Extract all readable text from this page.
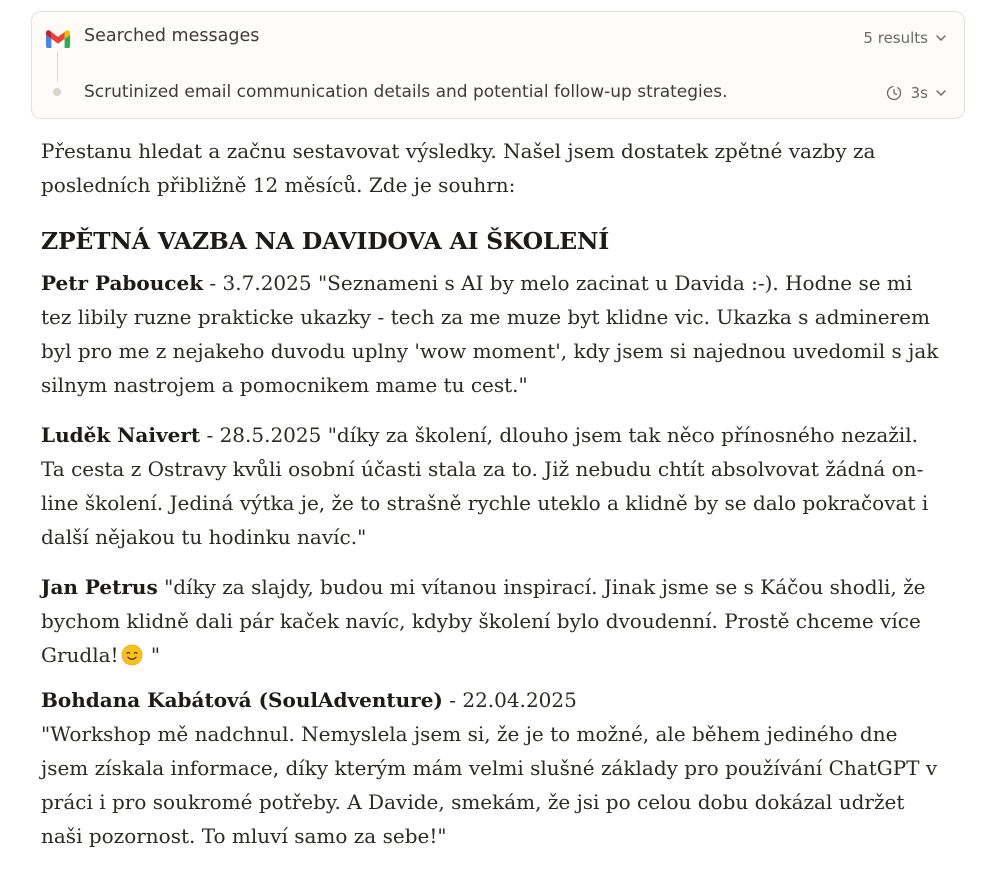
Searched messages	5 results
Scrutinized email communication details and potential follow-up strategies.	3s

Přestanu hledat a začnu sestavovat výsledky. Našel jsem dostatek zpětné vazby za posledních přibližně 12 měsíců. Zde je souhrn:

ZPĚTNÁ VAZBA NA DAVIDOVA AI ŠKOLENÍ

Petr Paboucek - 3.7.2025 "Seznameni s AI by melo zacinat u Davida :-). Hodne se mi tez libily ruzne prakticke ukazky - tech za me muze byt klidne vic. Ukazka s adminerem byl pro me z nejakeho duvodu uplny 'wow moment', kdy jsem si najednou uvedomil s jak silnym nastrojem a pomocnikem mame tu cest."

Luděk Naivert - 28.5.2025 "díky za školení, dlouho jsem tak něco přínosného nezažil. Ta cesta z Ostravy kvůli osobní účasti stala za to. Již nebudu chtít absolvovat žádná on-line školení. Jediná výtka je, že to strašně rychle uteklo a klidně by se dalo pokračovat i další nějakou tu hodinku navíc."

Jan Petrus "díky za slajdy, budou mi vítanou inspirací. Jinak jsme se s Káčou shodli, že bychom klidně dali pár kaček navíc, kdyby školení bylo dvoudenní. Prostě chceme více Grudla! "

Bohdana Kabátová (SoulAdventure) - 22.04.2025
"Workshop mě nadchnul. Nemyslela jsem si, že je to možné, ale během jediného dne jsem získala informace, díky kterým mám velmi slušné základy pro používání ChatGPT v práci i pro soukromé potřeby. A Davide, smekám, že jsi po celou dobu dokázal udržet naši pozornost. To mluví samo za sebe!"
